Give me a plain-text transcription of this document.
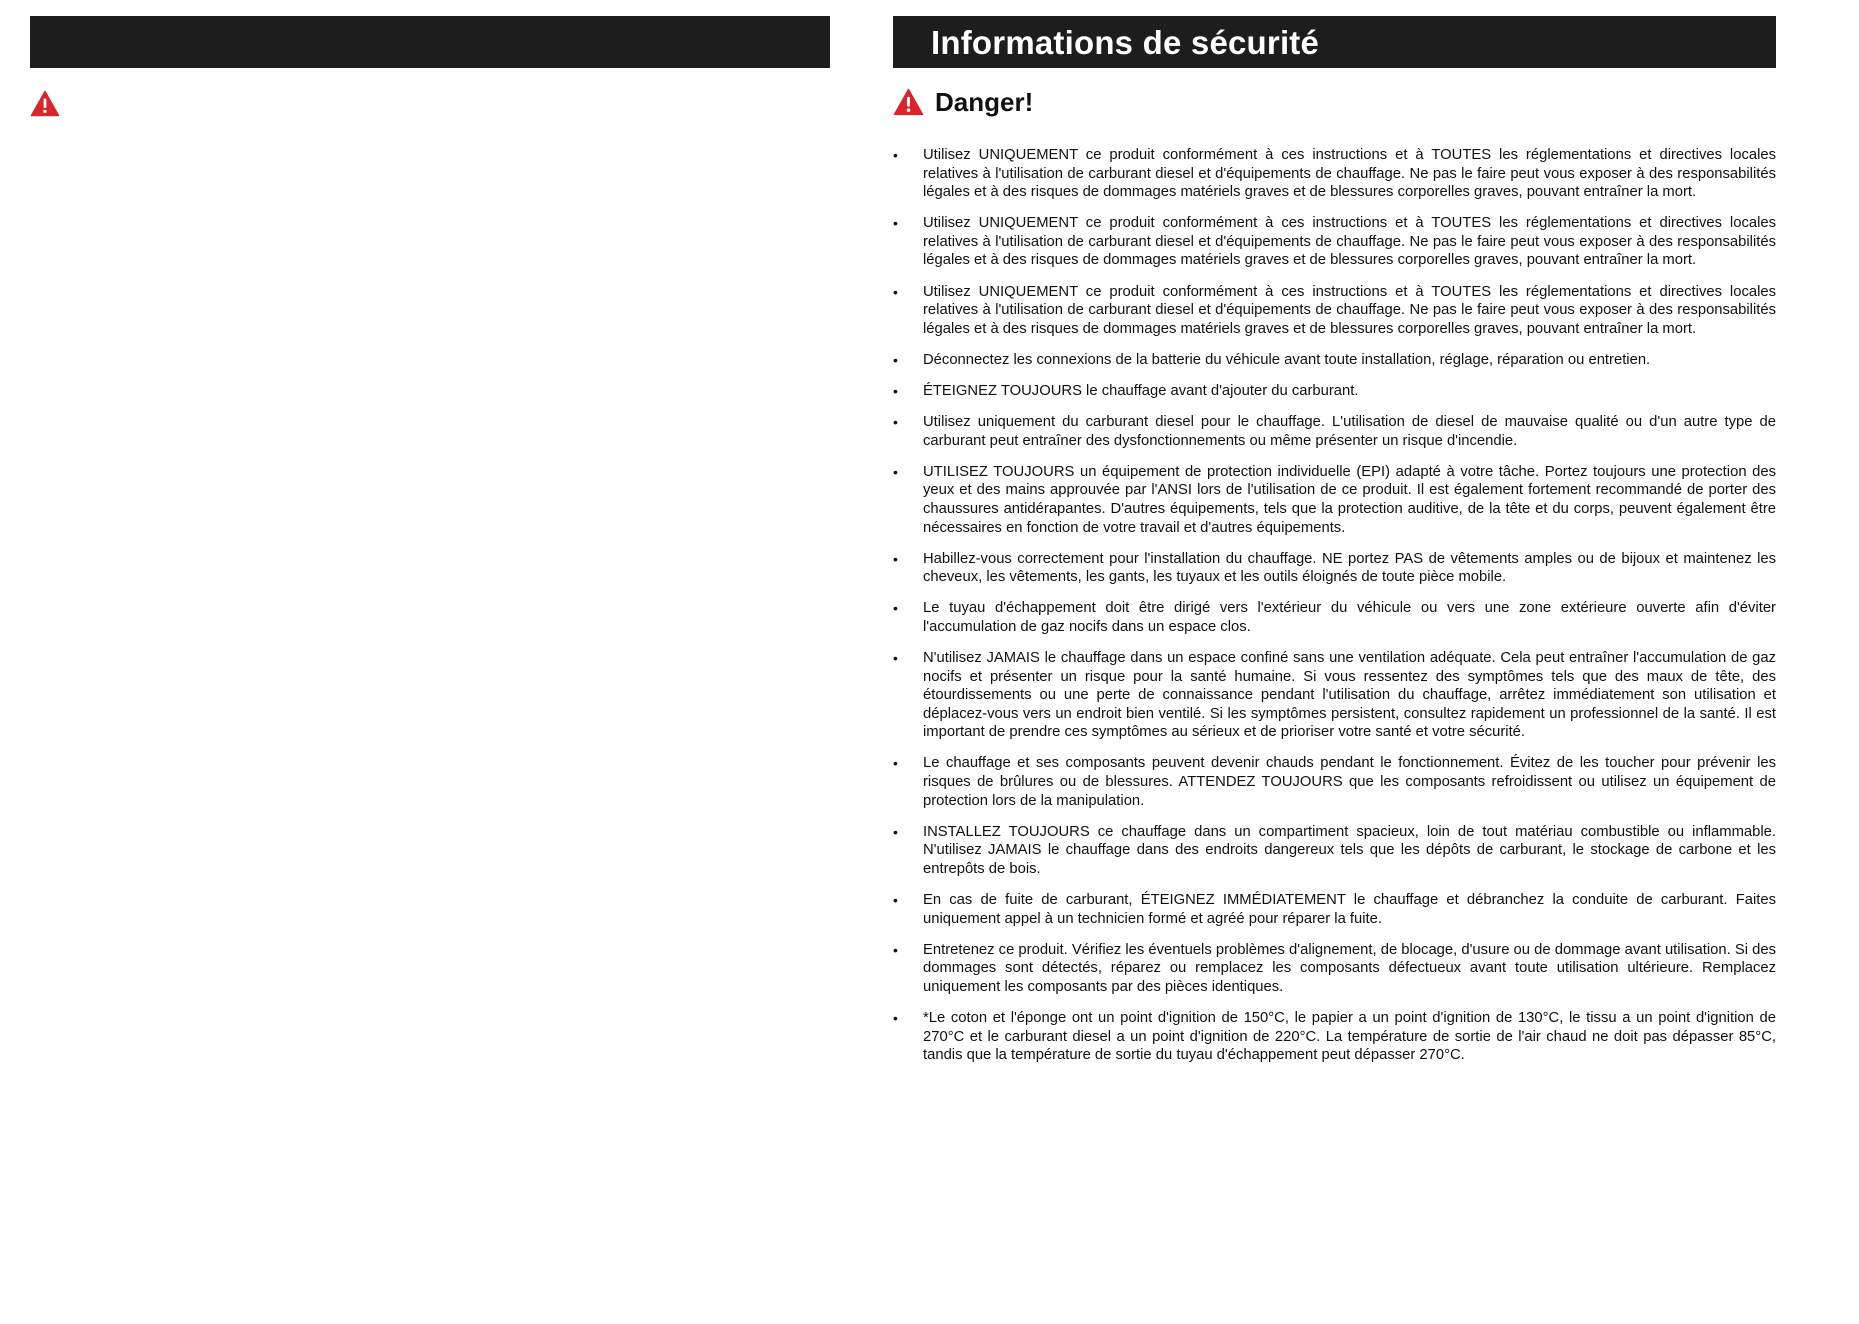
Informations de sécurité
Danger!
• Utilisez UNIQUEMENT ce produit conformément à ces instructions et à TOUTES les réglementations et directives locales relatives à l'utilisation de carburant diesel et d'équipements de chauffage. Ne pas le faire peut vous exposer à des responsabilités légales et à des risques de dommages matériels graves et de blessures corporelles graves, pouvant entraîner la mort.
• Utilisez UNIQUEMENT ce produit conformément à ces instructions et à TOUTES les réglementations et directives locales relatives à l'utilisation de carburant diesel et d'équipements de chauffage. Ne pas le faire peut vous exposer à des responsabilités légales et à des risques de dommages matériels graves et de blessures corporelles graves, pouvant entraîner la mort.
• Utilisez UNIQUEMENT ce produit conformément à ces instructions et à TOUTES les réglementations et directives locales relatives à l'utilisation de carburant diesel et d'équipements de chauffage. Ne pas le faire peut vous exposer à des responsabilités légales et à des risques de dommages matériels graves et de blessures corporelles graves, pouvant entraîner la mort.
• Déconnectez les connexions de la batterie du véhicule avant toute installation, réglage, réparation ou entretien.
• ÉTEIGNEZ TOUJOURS le chauffage avant d'ajouter du carburant.
• Utilisez uniquement du carburant diesel pour le chauffage. L'utilisation de diesel de mauvaise qualité ou d'un autre type de carburant peut entraîner des dysfonctionnements ou même présenter un risque d'incendie.
• UTILISEZ TOUJOURS un équipement de protection individuelle (EPI) adapté à votre tâche. Portez toujours une protection des yeux et des mains approuvée par l'ANSI lors de l'utilisation de ce produit. Il est également fortement recommandé de porter des chaussures antidérapantes. D'autres équipements, tels que la protection auditive, de la tête et du corps, peuvent également être nécessaires en fonction de votre travail et d'autres équipements.
• Habillez-vous correctement pour l'installation du chauffage. NE portez PAS de vêtements amples ou de bijoux et maintenez les cheveux, les vêtements, les gants, les tuyaux et les outils éloignés de toute pièce mobile.
• Le tuyau d'échappement doit être dirigé vers l'extérieur du véhicule ou vers une zone extérieure ouverte afin d'éviter l'accumulation de gaz nocifs dans un espace clos.
• N'utilisez JAMAIS le chauffage dans un espace confiné sans une ventilation adéquate. Cela peut entraîner l'accumulation de gaz nocifs et présenter un risque pour la santé humaine. Si vous ressentez des symptômes tels que des maux de tête, des étourdissements ou une perte de connaissance pendant l'utilisation du chauffage, arrêtez immédiatement son utilisation et déplacez-vous vers un endroit bien ventilé. Si les symptômes persistent, consultez rapidement un professionnel de la santé. Il est important de prendre ces symptômes au sérieux et de prioriser votre santé et votre sécurité.
• Le chauffage et ses composants peuvent devenir chauds pendant le fonctionnement. Évitez de les toucher pour prévenir les risques de brûlures ou de blessures. ATTENDEZ TOUJOURS que les composants refroidissent ou utilisez un équipement de protection lors de la manipulation.
• INSTALLEZ TOUJOURS ce chauffage dans un compartiment spacieux, loin de tout matériau combustible ou inflammable. N'utilisez JAMAIS le chauffage dans des endroits dangereux tels que les dépôts de carburant, le stockage de carbone et les entrepôts de bois.
• En cas de fuite de carburant, ÉTEIGNEZ IMMÉDIATEMENT le chauffage et débranchez la conduite de carburant. Faites uniquement appel à un technicien formé et agréé pour réparer la fuite.
• Entretenez ce produit. Vérifiez les éventuels problèmes d'alignement, de blocage, d'usure ou de dommage avant utilisation. Si des dommages sont détectés, réparez ou remplacez les composants défectueux avant toute utilisation ultérieure. Remplacez uniquement les composants par des pièces identiques.
• *Le coton et l'éponge ont un point d'ignition de 150°C, le papier a un point d'ignition de 130°C, le tissu a un point d'ignition de 270°C et le carburant diesel a un point d'ignition de 220°C. La température de sortie de l'air chaud ne doit pas dépasser 85°C, tandis que la température de sortie du tuyau d'échappement peut dépasser 270°C.
